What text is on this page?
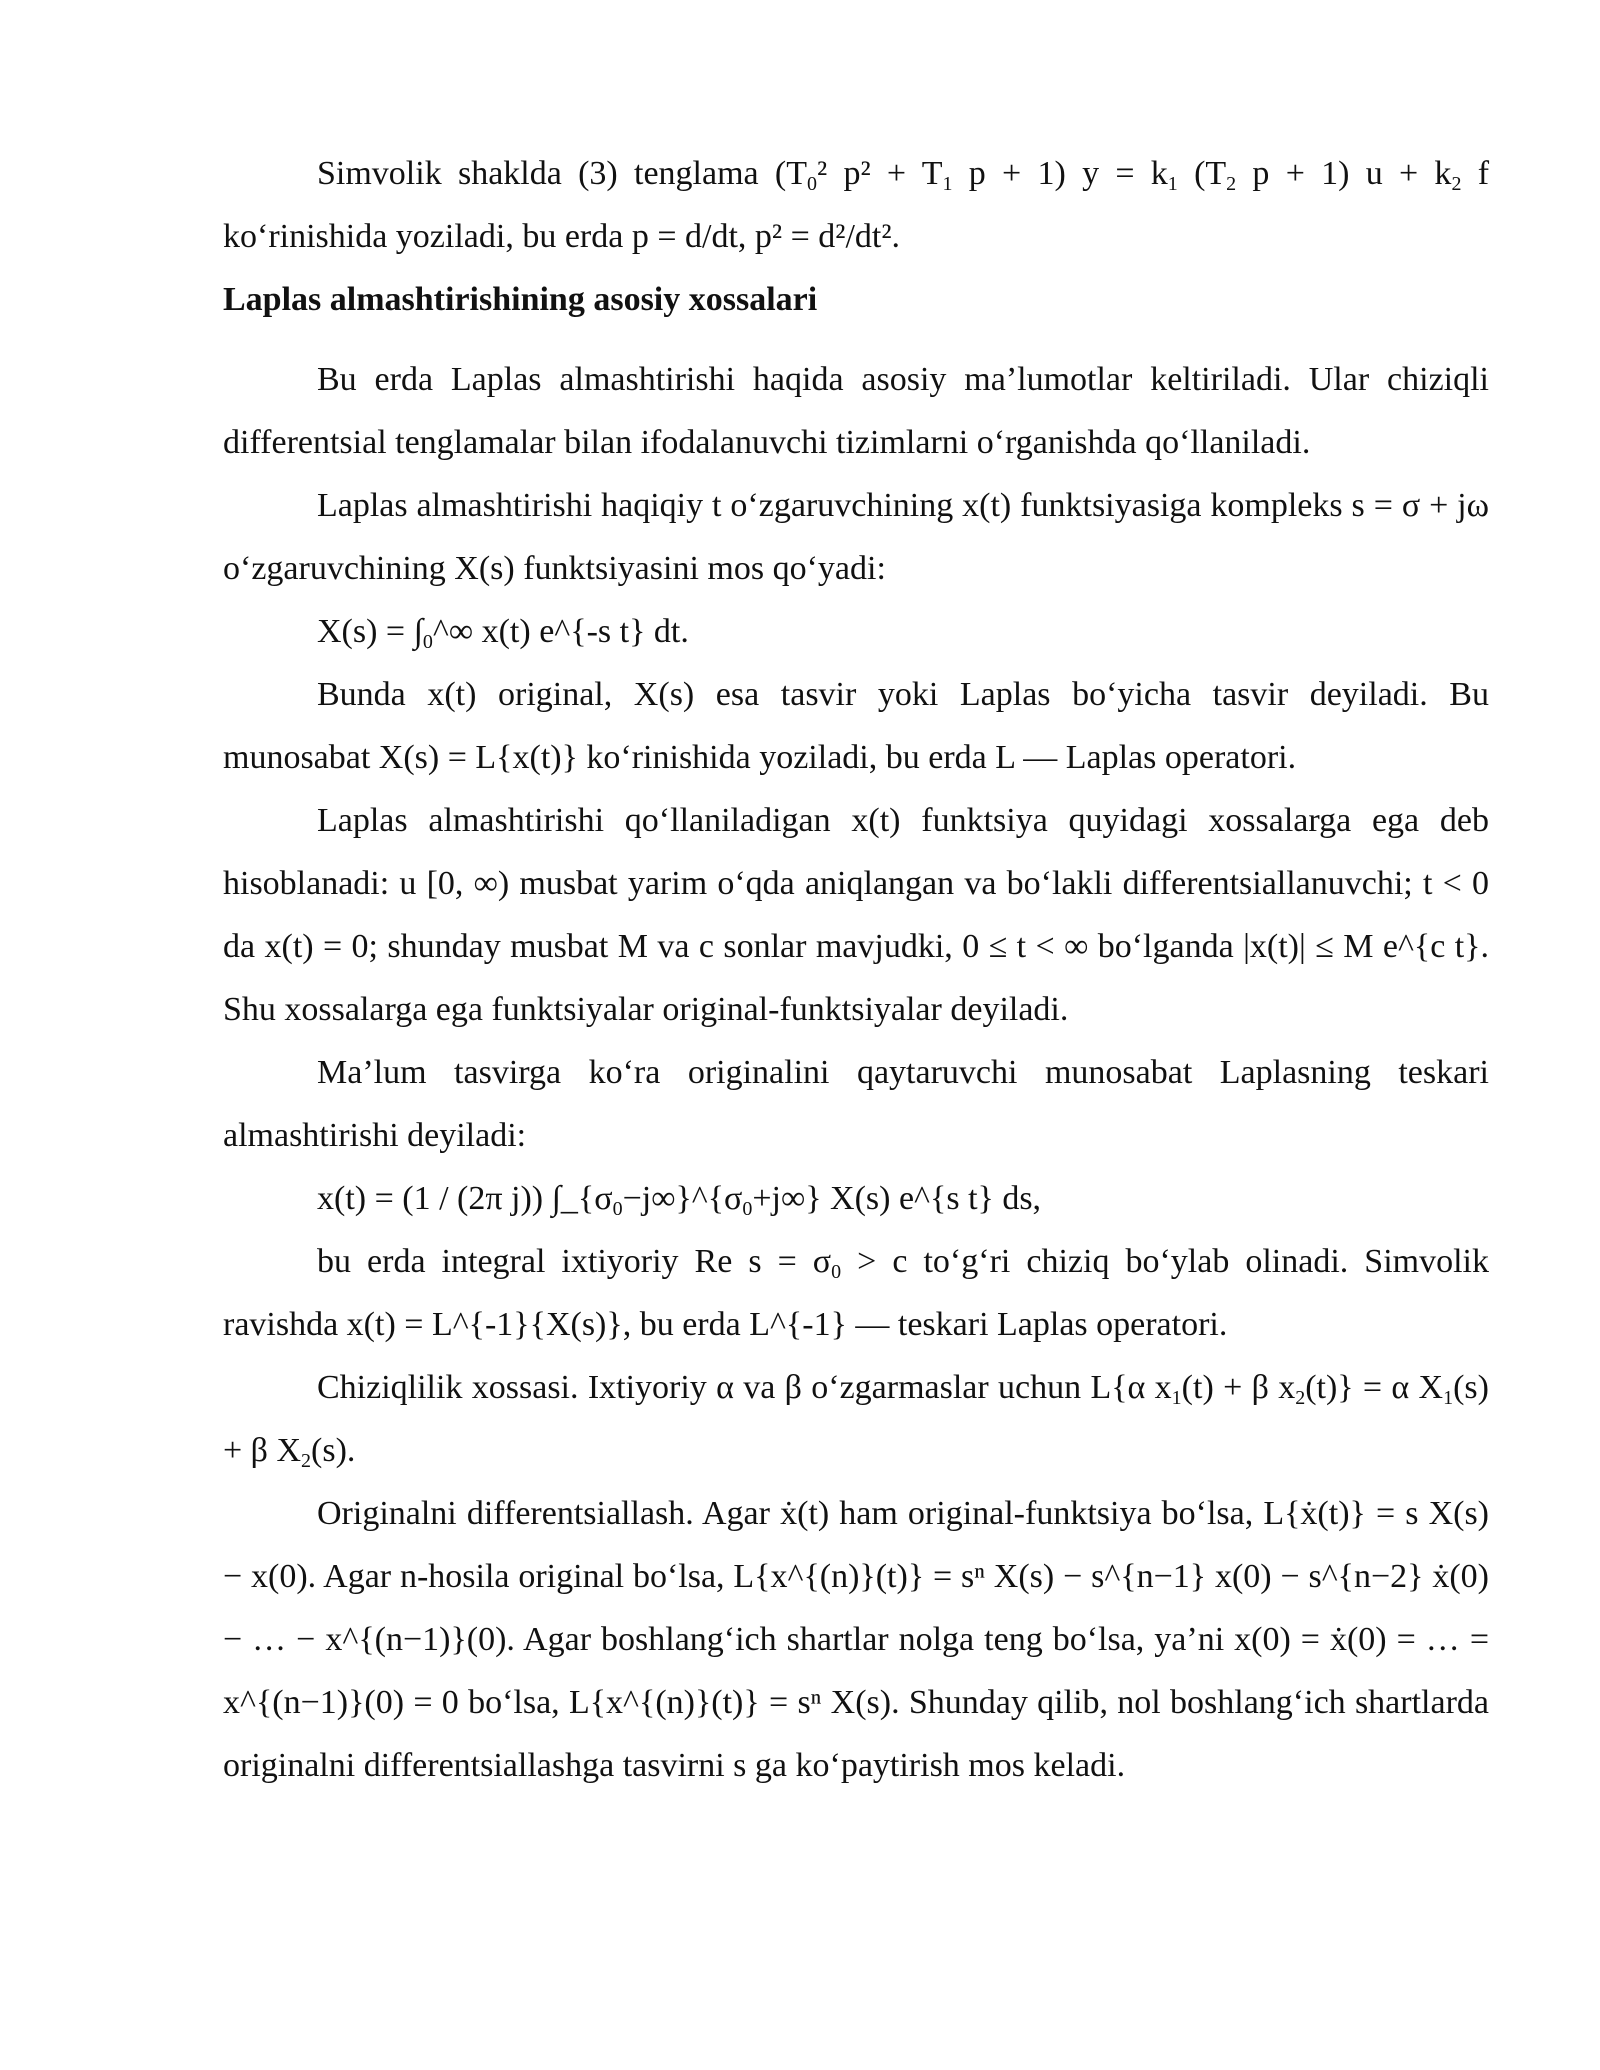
Simvolik shaklda (3) tenglama ($T_0^2$ $p^2 + T_1$ p + 1) $y = k_1$ ($T_2$ p + 1) $u + k_2$ f ko‘rinishida yoziladi, bu erda p = d/dt, p² = d²/dt².

Laplas almashtirishining asosiy xossalari

Bu erda Laplas almashtirishi haqida asosiy ma’lumotlar keltiriladi. Ular chiziqli differentsial tenglamalar bilan ifodalanuvchi tizimlarni o‘rganishda qo‘llaniladi.

Laplas almashtirishi haqiqiy t o‘zgaruvchining x(t) funktsiyasiga kompleks s = σ + jω o‘zgaruvchining X(s) funktsiyasini mos qo‘yadi:

$X(s) = \int_0\^{}\infty$ x(t) e^{-s t} dt.

Bunda x(t) original, X(s) esa tasvir yoki Laplas bo‘yicha tasvir deyiladi. Bu munosabat X(s) = L{x(t)} ko‘rinishida yoziladi, bu erda L — Laplas operatori.

Laplas almashtirishi qo‘llaniladigan x(t) funktsiya quyidagi xossalarga ega deb hisoblanadi: u [0, ∞) musbat yarim o‘qda aniqlangan va bo‘lakli differentsiallanuvchi; t < 0 da x(t) = 0; shunday musbat M va c sonlar mavjudki, 0 ≤ t < ∞ bo‘lganda |x(t)| ≤ M e^{c t}. Shu xossalarga ega funktsiyalar original-funktsiyalar deyiladi.

Ma’lum tasvirga ko‘ra originalini qaytaruvchi munosabat Laplasning teskari almashtirishi deyiladi:

x(t) = (1 / (2π j)) $\int\_\{\sigma_0-j\infty\}\^{}\{\sigma_0+j\infty\}$ X(s) e^{s t} ds,

bu erda integral ixtiyoriy Re $s = \sigma_0 > c$ to‘g‘ri chiziq bo‘ylab olinadi. Simvolik ravishda x(t) = L^{-1}{X(s)}, bu erda L^{-1} — teskari Laplas operatori.

Chiziqlilik xossasi. Ixtiyoriy α va β o‘zgarmaslar uchun L{α $x_1(t) + \beta$ $x_2(t)\} = \alpha$ $X_1(s) + \beta$ $X_2(s)$.

Originalni differentsiallash. Agar ẋ(t) ham original-funktsiya bo‘lsa, L{ẋ(t)} = s X(s) − x(0). Agar n-hosila original bo‘lsa, L{x^{(n)}(t)} = sⁿ X(s) − s^{n−1} x(0) − s^{n−2} ẋ(0) − … − x^{(n−1)}(0). Agar boshlang‘ich shartlar nolga teng bo‘lsa, ya’ni x(0) = ẋ(0) = … = x^{(n−1)}(0) = 0 bo‘lsa, L{x^{(n)}(t)} = sⁿ X(s). Shunday qilib, nol boshlang‘ich shartlarda originalni differentsiallashga tasvirni s ga ko‘paytirish mos keladi.
